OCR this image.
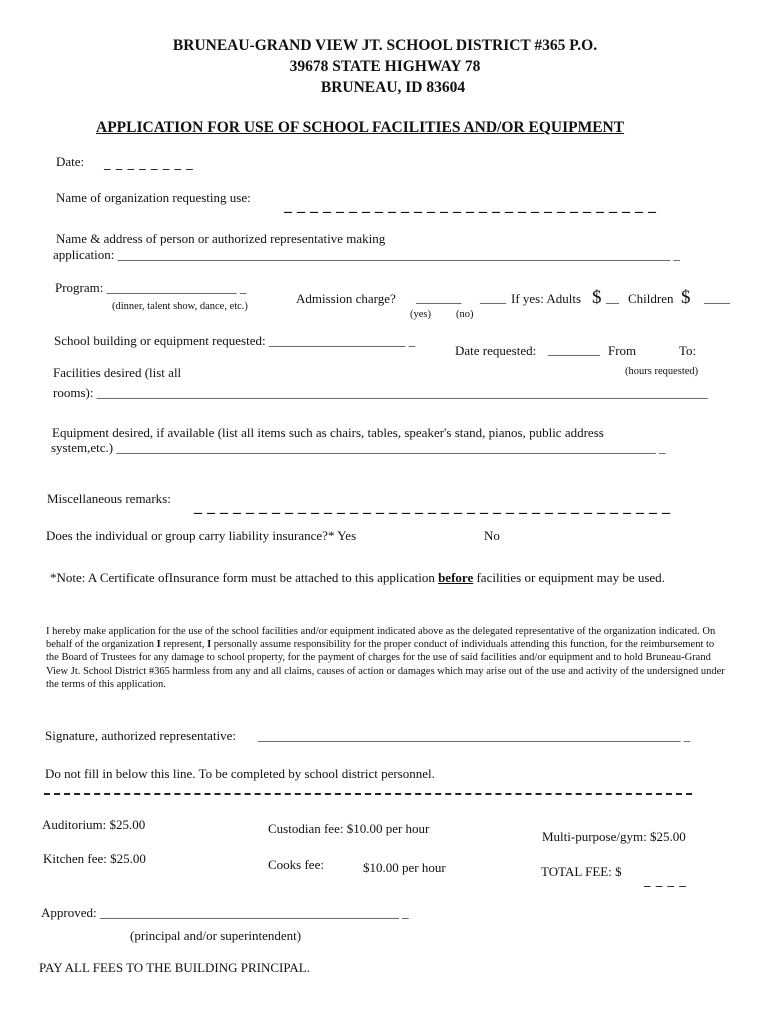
BRUNEAU-GRAND VIEW JT. SCHOOL DISTRICT #365 P.O.
39678 STATE HIGHWAY 78
BRUNEAU, ID 83604
APPLICATION FOR USE OF SCHOOL FACILITIES AND/OR EQUIPMENT
Date: _ _ _ _ _ _ _ _
Name of organization requesting use:
_ _ _ _ _ _ _ _ _ _ _ _ _ _ _ _ _ _ _ _ _ _ _ _ _ _ _ _ _
Name & address of person or authorized representative making
application: _____________________________________________________________________________________ _
Program: ____________________ _
(dinner, talent show, dance, etc.)
Admission charge? _______ ____
(yes) (no)
If yes: Adults $ __ Children $ ____
School building or equipment requested: _____________________ _
Date requested: ________ From	To:
(hours requested)
Facilities desired (list all
rooms): ______________________________________________________________________________________________
Equipment desired, if available (list all items such as chairs, tables, speaker's stand, pianos, public address
system,etc.) ___________________________________________________________________________________ _
Miscellaneous remarks:
_ _ _ _ _ _ _ _ _ _ _ _ _ _ _ _ _ _ _ _ _ _ _ _ _ _ _ _ _ _ _ _ _ _ _ _ _
Does the individual or group carry liability insurance?* Yes	No
*Note: A Certificate ofInsurance form must be attached to this application before facilities or equipment may be used.
I hereby make application for the use of the school facilities and/or equipment indicated above as the delegated representative of the organization indicated. On behalf of the organization I represent, I personally assume responsibility for the proper conduct of individuals attending this function, for the reimbursement to the Board of Trustees for any damage to school property, for the payment of charges for the use of said facilities and/or equipment and to hold Bruneau-Grand View Jt. School District #365 harmless from any and all claims, causes of action or damages which may arise out of the use and activity of the undersigned under the terms of this application.
Signature, authorized representative: _________________________________________________________________ _
Do not fill in below this line. To be completed by school district personnel.
Auditorium: $25.00	Custodian fee: $10.00 per hour
Multi-purpose/gym: $25.00
Kitchen fee: $25.00	Cooks fee:	$10.00 per hour	TOTAL FEE: $
_ _ _ _
Approved: ______________________________________________ _
(principal and/or superintendent)
PAY ALL FEES TO THE BUILDING PRINCIPAL.
